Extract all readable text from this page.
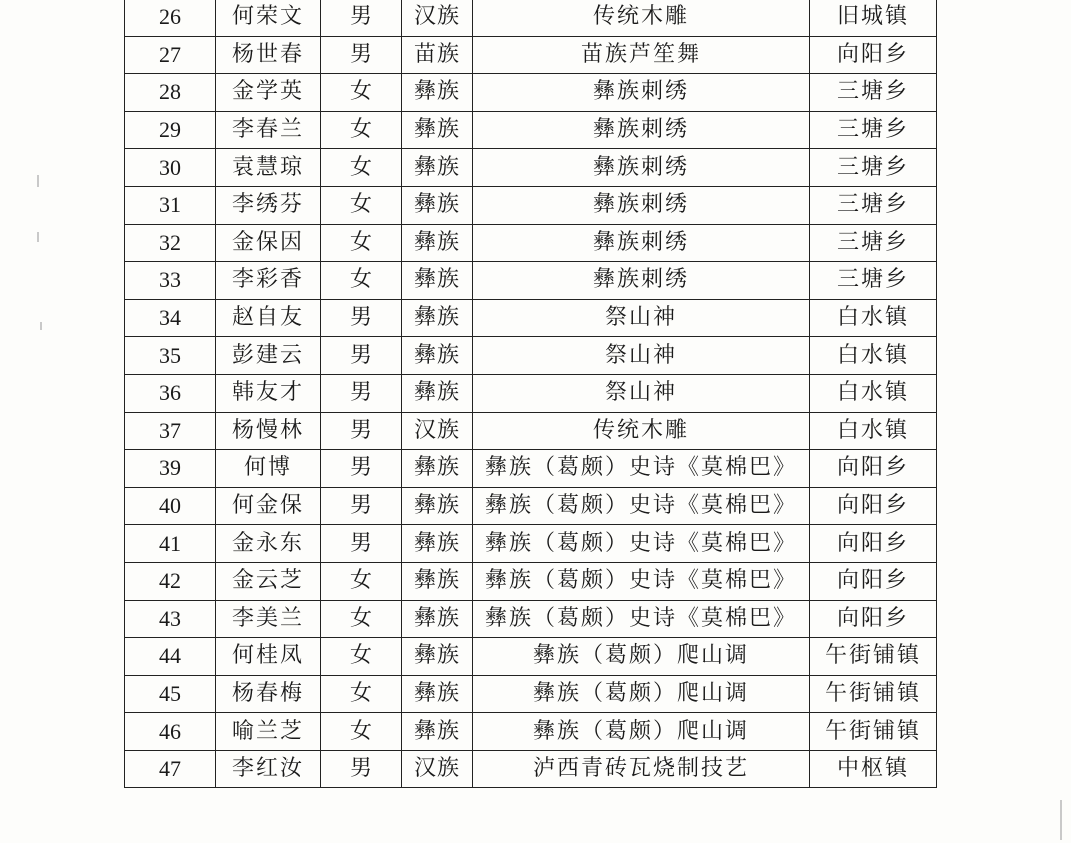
26	何荣文	男	汉族	传统木雕	旧城镇
27	杨世春	男	苗族	苗族芦笙舞	向阳乡
28	金学英	女	彝族	彝族刺绣	三塘乡
29	李春兰	女	彝族	彝族刺绣	三塘乡
30	袁慧琼	女	彝族	彝族刺绣	三塘乡
31	李绣芬	女	彝族	彝族刺绣	三塘乡
32	金保因	女	彝族	彝族刺绣	三塘乡
33	李彩香	女	彝族	彝族刺绣	三塘乡
34	赵自友	男	彝族	祭山神	白水镇
35	彭建云	男	彝族	祭山神	白水镇
36	韩友才	男	彝族	祭山神	白水镇
37	杨慢林	男	汉族	传统木雕	白水镇
39	何博	男	彝族	彝族（葛颇）史诗《莫棉巴》	向阳乡
40	何金保	男	彝族	彝族（葛颇）史诗《莫棉巴》	向阳乡
41	金永东	男	彝族	彝族（葛颇）史诗《莫棉巴》	向阳乡
42	金云芝	女	彝族	彝族（葛颇）史诗《莫棉巴》	向阳乡
43	李美兰	女	彝族	彝族（葛颇）史诗《莫棉巴》	向阳乡
44	何桂凤	女	彝族	彝族（葛颇）爬山调	午街铺镇
45	杨春梅	女	彝族	彝族（葛颇）爬山调	午街铺镇
46	喻兰芝	女	彝族	彝族（葛颇）爬山调	午街铺镇
47	李红汝	男	汉族	泸西青砖瓦烧制技艺	中枢镇
